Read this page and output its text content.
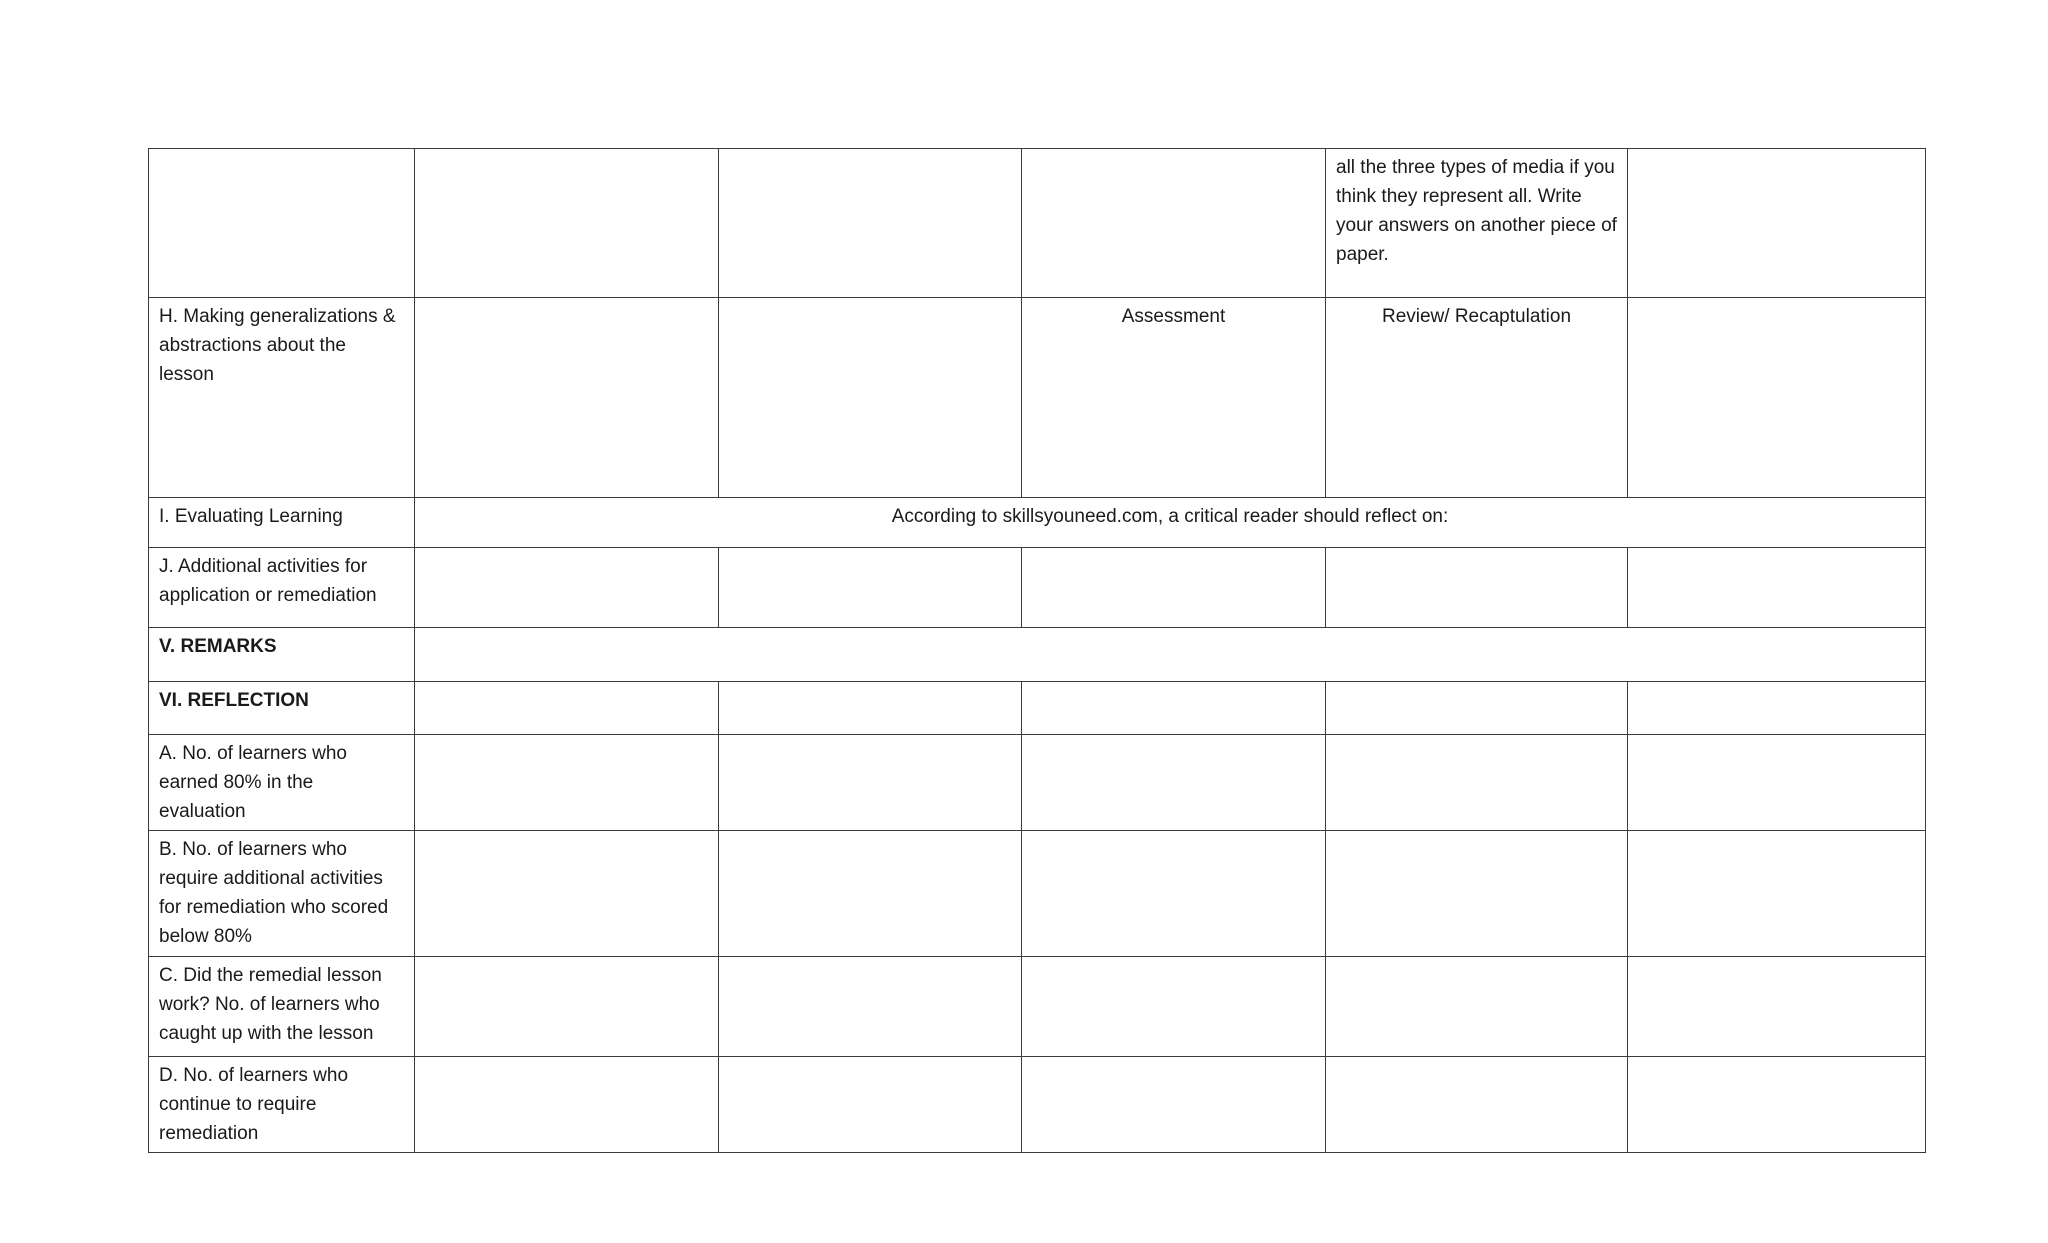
				all the three types of media if you think they represent all. Write your answers on another piece of paper.	
H. Making generalizations & abstractions about the lesson			Assessment	Review/ Recaptulation	
I. Evaluating Learning	According to skillsyouneed.com, a critical reader should reflect on:				
J. Additional activities for application or remediation					
V. REMARKS					
VI. REFLECTION					
A. No. of learners who earned 80% in the evaluation					
B. No. of learners who require additional activities for remediation who scored below 80%					
C. Did the remedial lesson work? No. of learners who caught up with the lesson					
D. No. of learners who continue to require remediation					
